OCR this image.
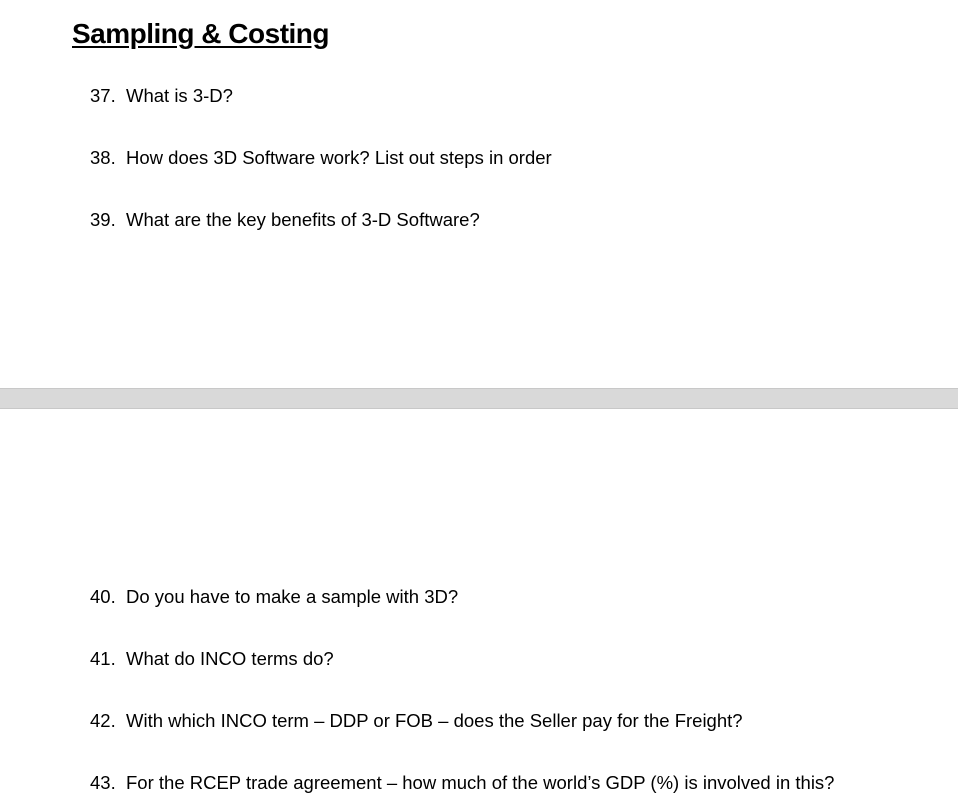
Sampling & Costing
37. What is 3-D?
38. How does 3D Software work? List out steps in order
39. What are the key benefits of 3-D Software?
40. Do you have to make a sample with 3D?
41. What do INCO terms do?
42. With which INCO term – DDP or FOB – does the Seller pay for the Freight?
43. For the RCEP trade agreement – how much of the world’s GDP (%) is involved in this?
